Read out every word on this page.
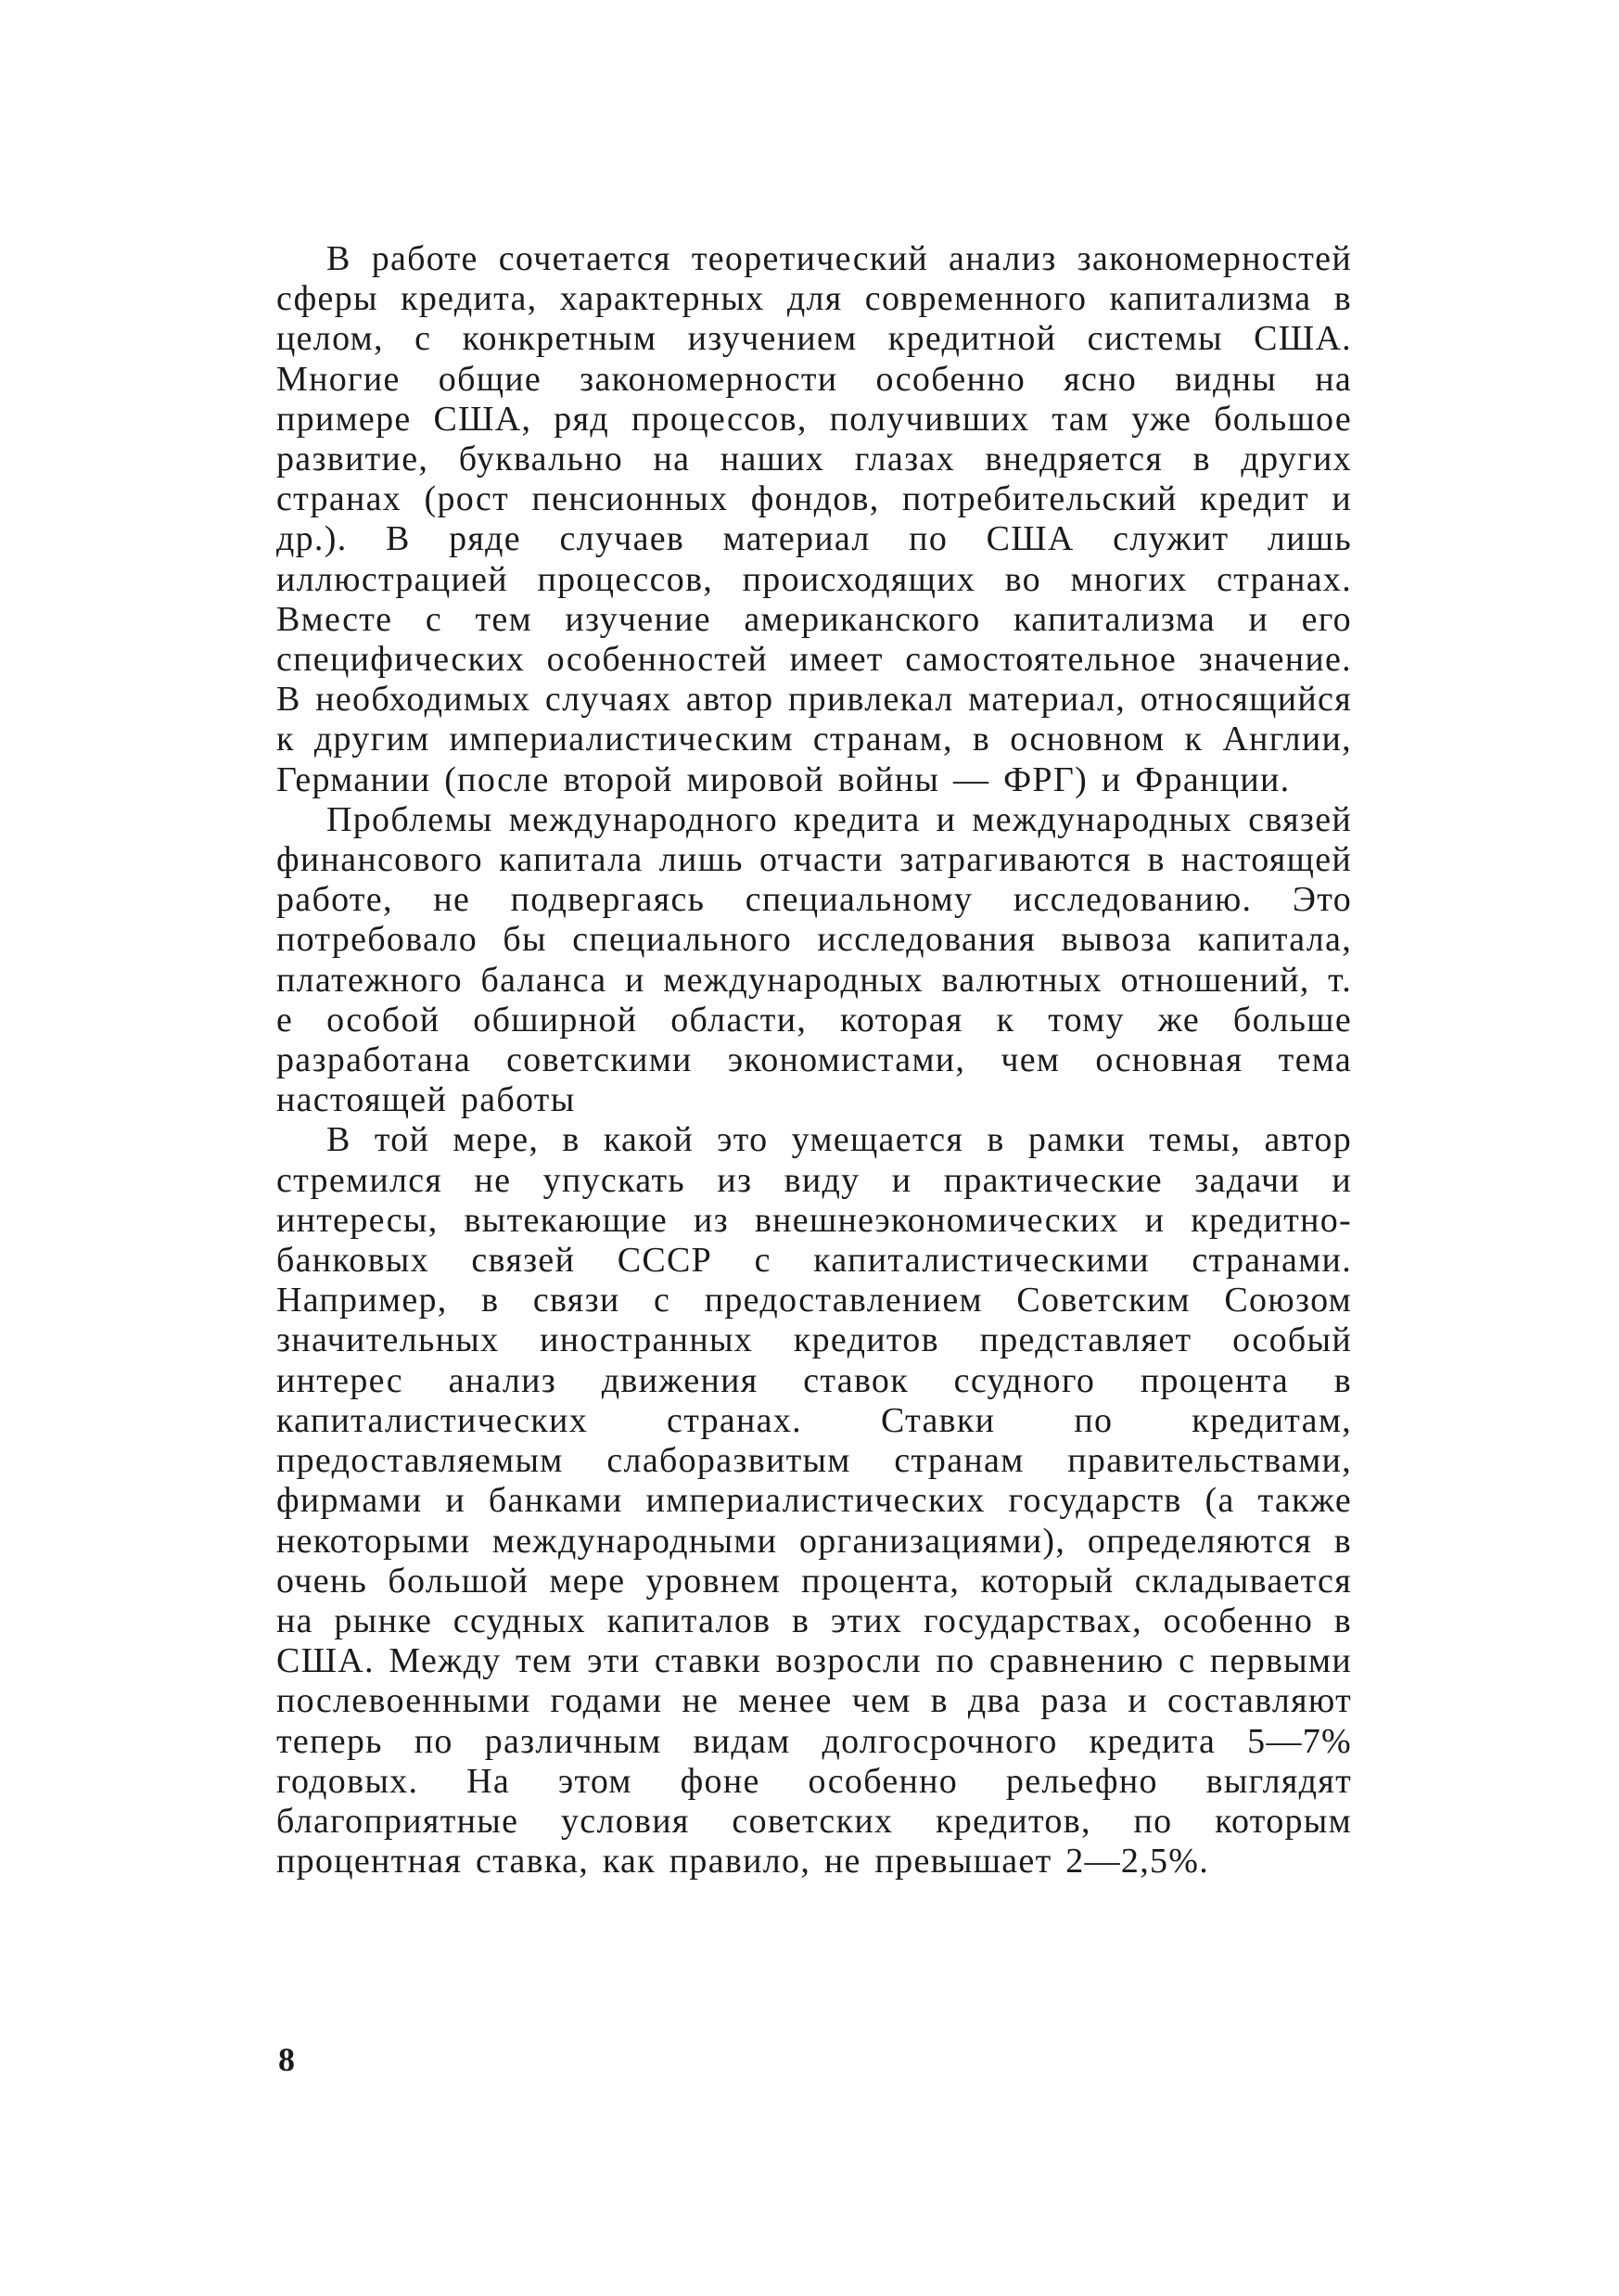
В работе сочетается теоретический анализ закономерностей сферы кредита, характерных для современного капитализма в целом, с конкретным изучением кредитной системы США. Многие общие закономерности особенно ясно видны на примере США, ряд процессов, получивших там уже большое развитие, буквально на наших глазах внедряется в других странах (рост пенсионных фондов, потребительский кредит и др.). В ряде случаев материал по США служит лишь иллюстрацией процессов, происходящих во многих странах. Вместе с тем изучение американского капитализма и его специфических особенностей имеет самостоятельное значение. В необходимых случаях автор привлекал материал, относящийся к другим империалистическим странам, в основном к Англии, Германии (после второй мировой войны — ФРГ) и Франции.

Проблемы международного кредита и международных связей финансового капитала лишь отчасти затрагиваются в настоящей работе, не подвергаясь специальному исследованию. Это потребовало бы специального исследования вывоза капитала, платежного баланса и международных валютных отношений, т. е особой обширной области, которая к тому же больше разработана советскими экономистами, чем основная тема настоящей работы

В той мере, в какой это умещается в рамки темы, автор стремился не упускать из виду и практические задачи и интересы, вытекающие из внешнеэкономических и кредитно-банковых связей СССР с капиталистическими странами. Например, в связи с предоставлением Советским Союзом значительных иностранных кредитов представляет особый интерес анализ движения ставок ссудного процента в капиталистических странах. Ставки по кредитам, предоставляемым слаборазвитым странам правительствами, фирмами и банками империалистических государств (а также некоторыми международными организациями), определяются в очень большой мере уровнем процента, который складывается на рынке ссудных капиталов в этих государствах, особенно в США. Между тем эти ставки возросли по сравнению с первыми послевоенными годами не менее чем в два раза и составляют теперь по различным видам долгосрочного кредита 5—7% годовых. На этом фоне особенно рельефно выглядят благоприятные условия советских кредитов, по которым процентная ставка, как правило, не превышает 2—2,5%.

8
